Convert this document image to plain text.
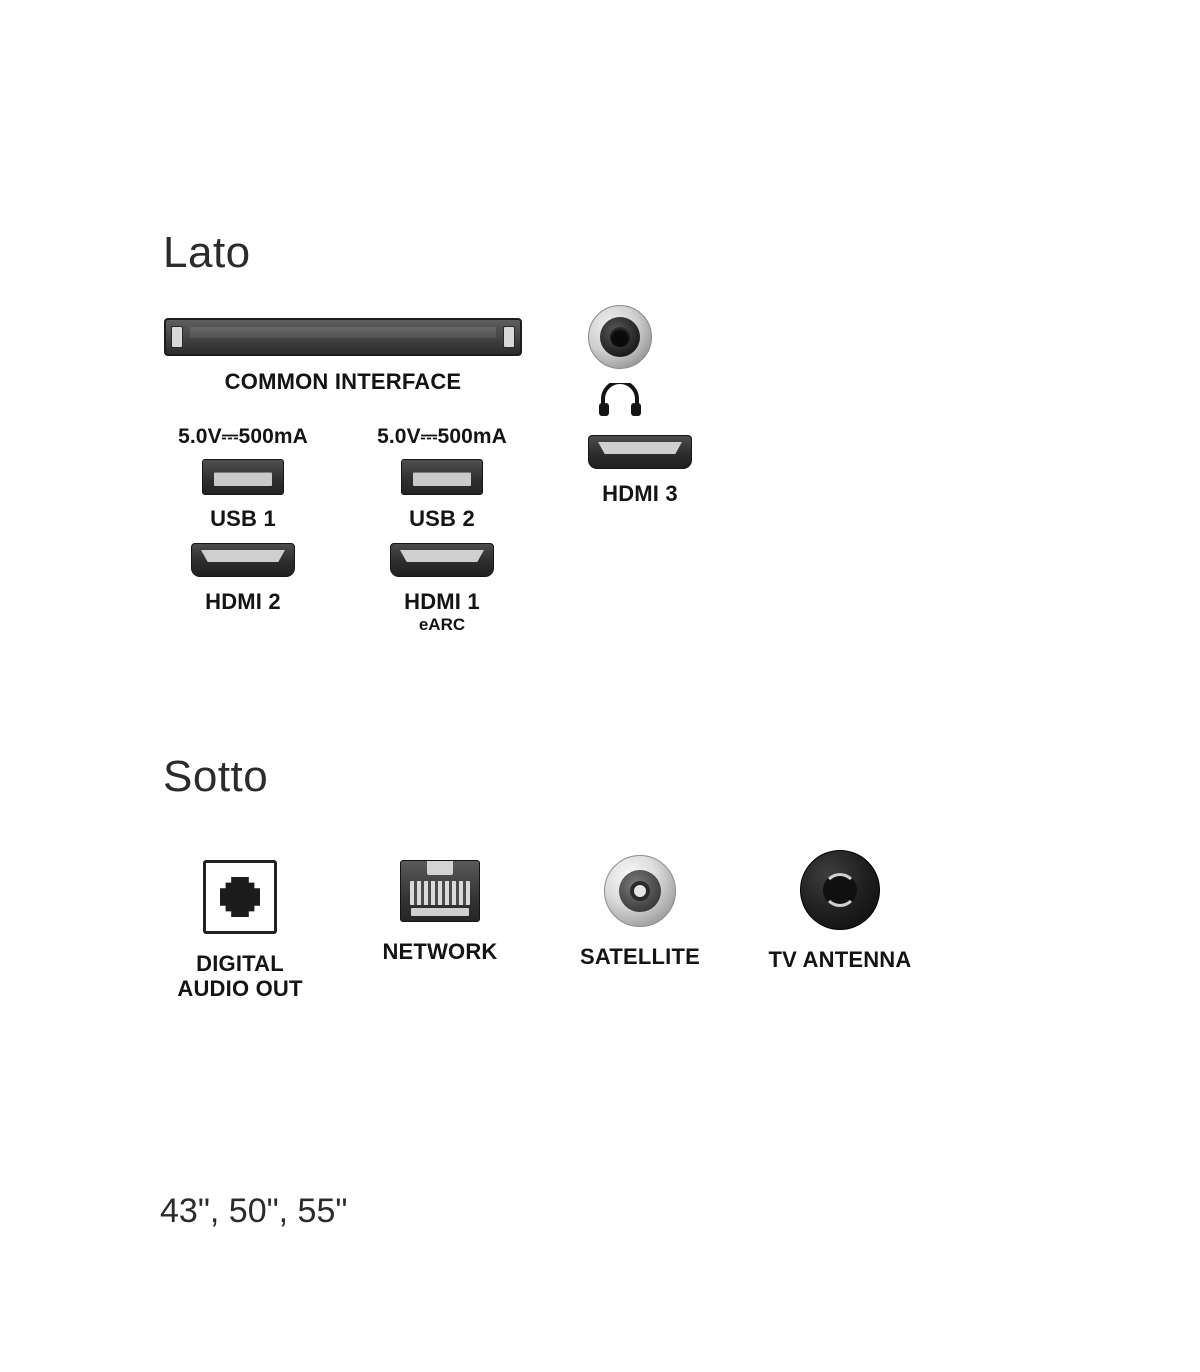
Lato
COMMON INTERFACE
5.0V⎓500mA
USB 1
5.0V⎓500mA
USB 2
HDMI 3
HDMI 2	HDMI 1
eARC
Sotto
DIGITAL
AUDIO OUT
NETWORK	SATELLITE	TV ANTENNA
43", 50", 55"
